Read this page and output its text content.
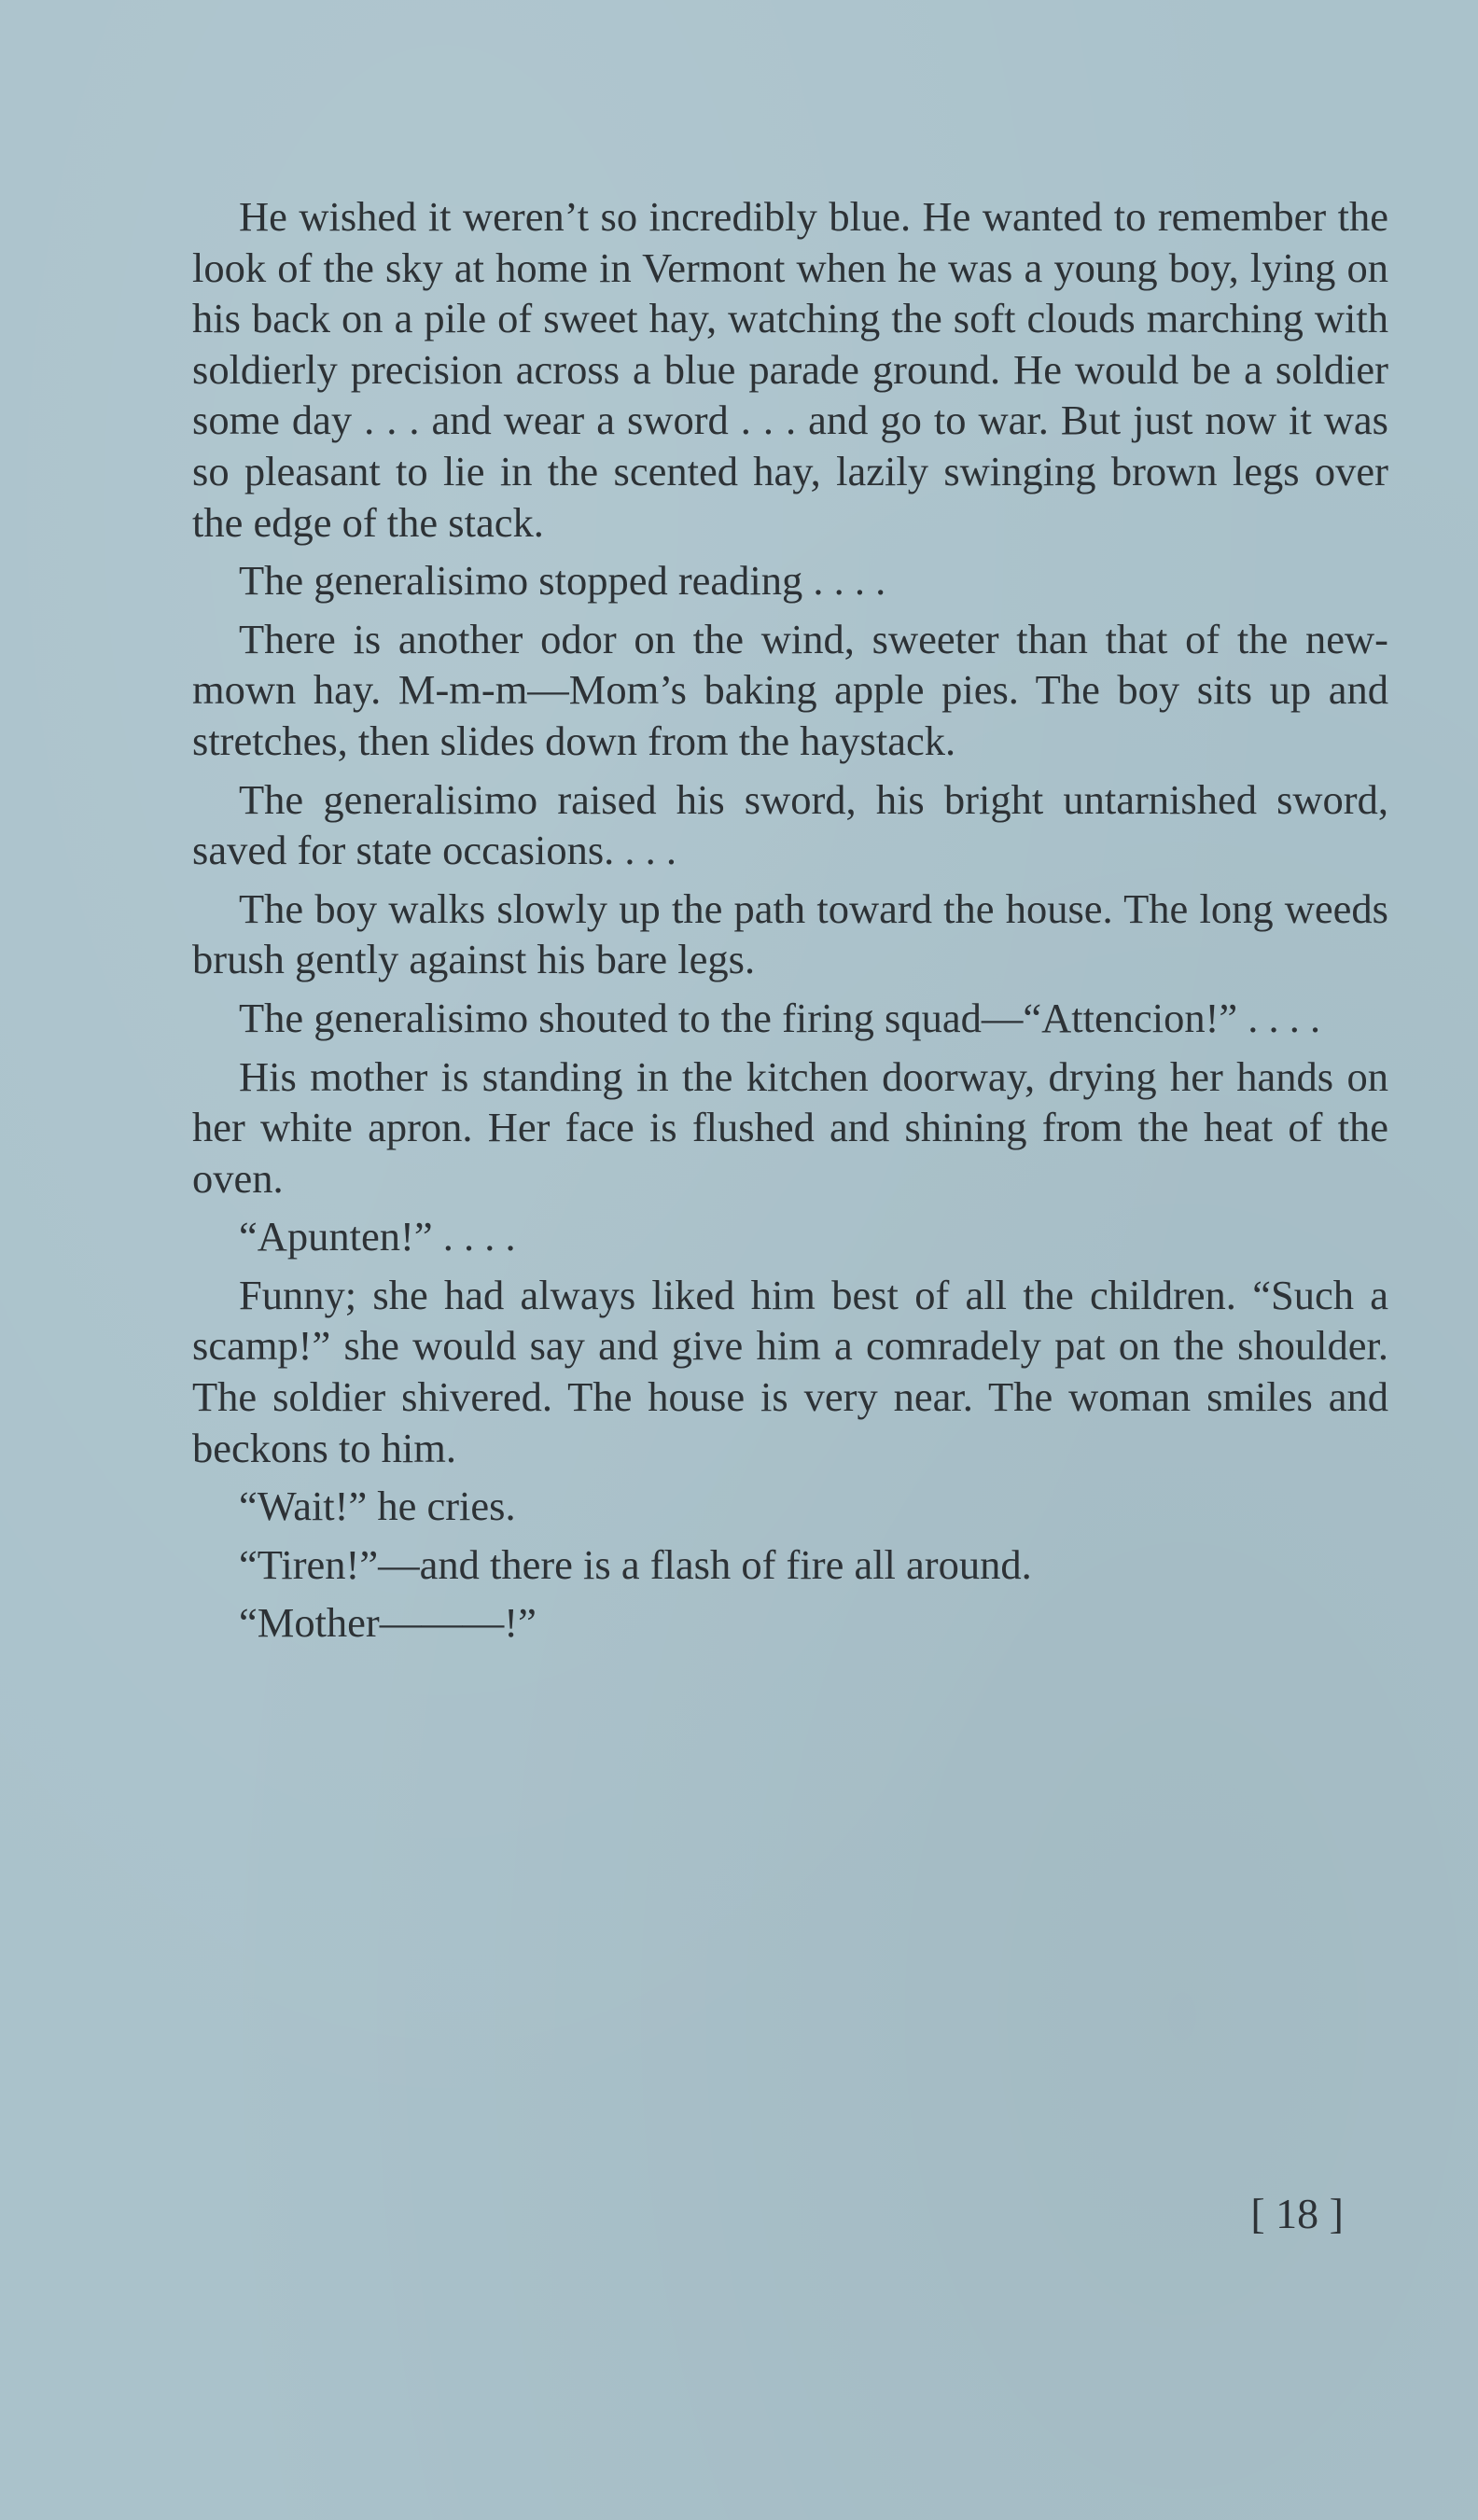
He wished it weren’t so incredibly blue. He wanted to remember the look of the sky at home in Vermont when he was a young boy, lying on his back on a pile of sweet hay, watching the soft clouds marching with soldierly precision across a blue parade ground. He would be a soldier some day . . . and wear a sword . . . and go to war. But just now it was so pleasant to lie in the scented hay, lazily swinging brown legs over the edge of the stack.

The generalisimo stopped reading . . . .

There is another odor on the wind, sweeter than that of the new-mown hay. M-m-m—Mom’s baking apple pies. The boy sits up and stretches, then slides down from the haystack.

The generalisimo raised his sword, his bright untarnished sword, saved for state occasions. . . .

The boy walks slowly up the path toward the house. The long weeds brush gently against his bare legs.

The generalisimo shouted to the firing squad—“Attencion!” . . . .

His mother is standing in the kitchen doorway, drying her hands on her white apron. Her face is flushed and shining from the heat of the oven.

“Apunten!” . . . .

Funny; she had always liked him best of all the children. “Such a scamp!” she would say and give him a comradely pat on the shoulder. The soldier shivered. The house is very near. The woman smiles and beckons to him.

“Wait!” he cries.

“Tiren!”—and there is a flash of fire all around.

“Mother———!”

[ 18 ]
